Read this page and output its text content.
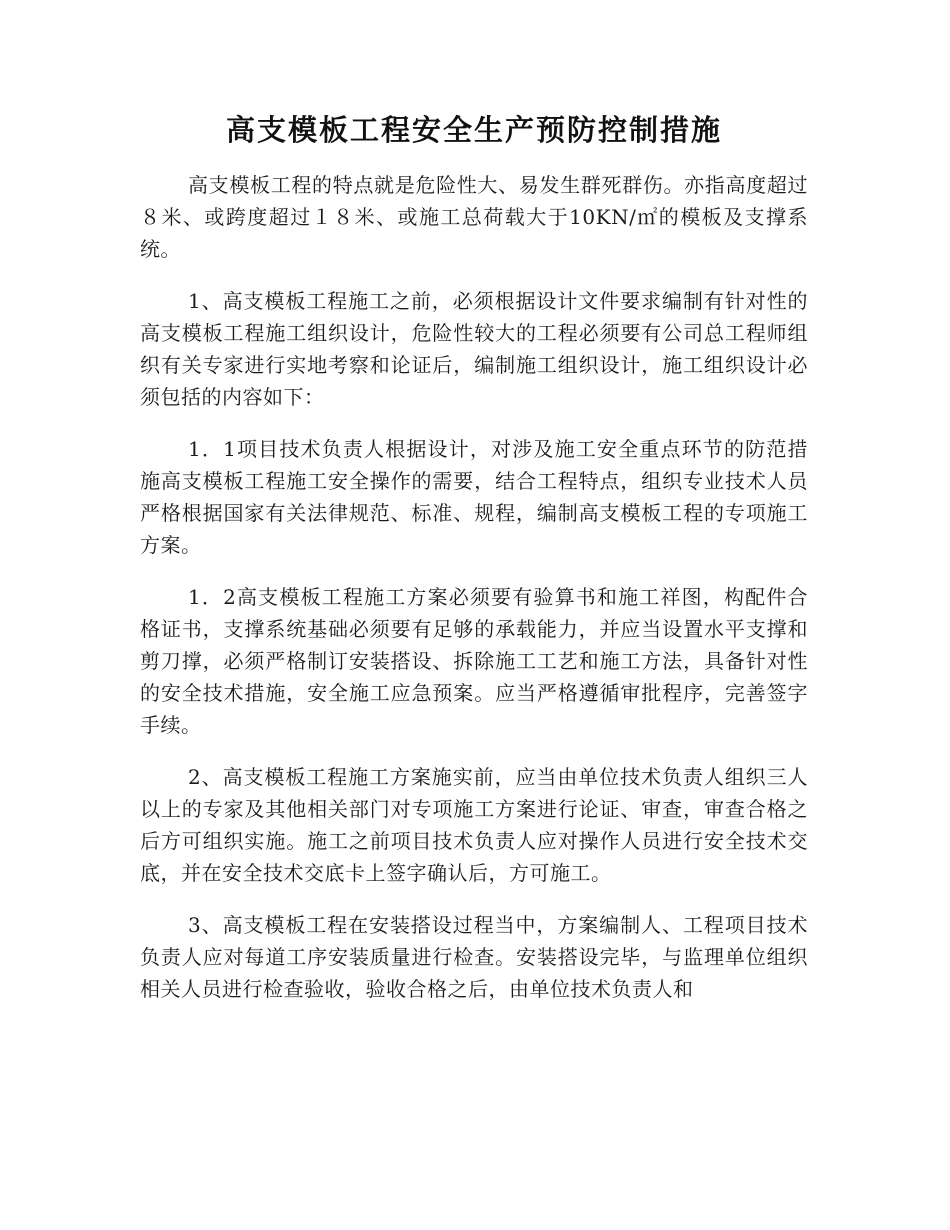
高支模板工程安全生产预防控制措施

高支模板工程的特点就是危险性大、易发生群死群伤。亦指高度超过８米、或跨度超过１８米、或施工总荷载大于10KN/㎡的模板及支撑系统。

1、高支模板工程施工之前，必须根据设计文件要求编制有针对性的高支模板工程施工组织设计，危险性较大的工程必须要有公司总工程师组织有关专家进行实地考察和论证后，编制施工组织设计，施工组织设计必须包括的内容如下：

1．1项目技术负责人根据设计，对涉及施工安全重点环节的防范措施高支模板工程施工安全操作的需要，结合工程特点，组织专业技术人员严格根据国家有关法律规范、标准、规程，编制高支模板工程的专项施工方案。

1．2高支模板工程施工方案必须要有验算书和施工祥图，构配件合格证书，支撑系统基础必须要有足够的承载能力，并应当设置水平支撑和剪刀撑，必须严格制订安装搭设、拆除施工工艺和施工方法，具备针对性的安全技术措施，安全施工应急预案。应当严格遵循审批程序，完善签字手续。

2、高支模板工程施工方案施实前，应当由单位技术负责人组织三人以上的专家及其他相关部门对专项施工方案进行论证、审查，审查合格之后方可组织实施。施工之前项目技术负责人应对操作人员进行安全技术交底，并在安全技术交底卡上签字确认后，方可施工。

3、高支模板工程在安装搭设过程当中，方案编制人、工程项目技术负责人应对每道工序安装质量进行检查。安装搭设完毕，与监理单位组织相关人员进行检查验收，验收合格之后，由单位技术负责人和
